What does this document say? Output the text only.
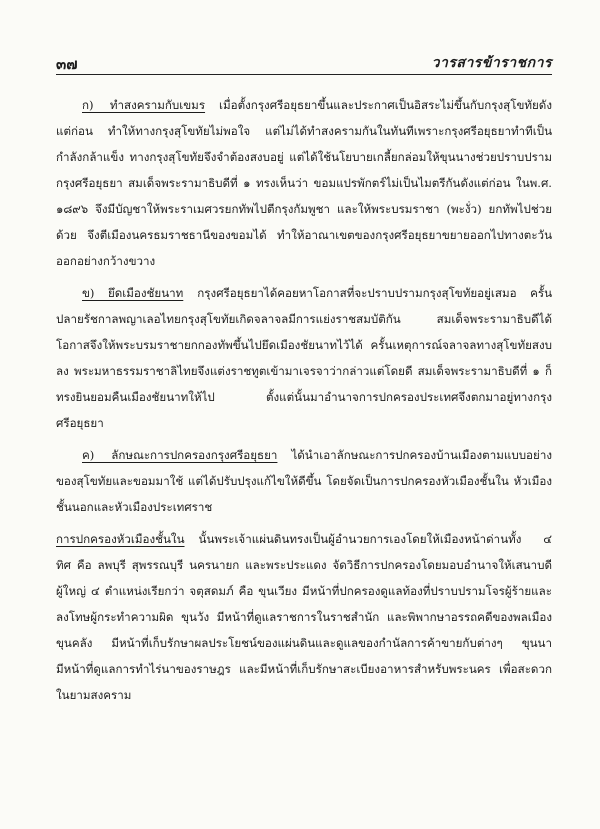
๓๗	วารสารข้าราชการ

ก) ทำสงครามกับเขมร เมื่อตั้งกรุงศรีอยุธยาขึ้นและประกาศเป็นอิสระไม่ขึ้นกับกรุงสุโขทัยดังแต่ก่อน ทำให้ทางกรุงสุโขทัยไม่พอใจ แต่ไม่ได้ทำสงครามกันในทันทีเพราะกรุงศรีอยุธยาทำทีเป็นกำลังกล้าแข็ง ทางกรุงสุโขทัยจึงจำต้องสงบอยู่ แต่ได้ใช้นโยบายเกลี้ยกล่อมให้ขุนนางช่วยปราบปรามกรุงศรีอยุธยา สมเด็จพระรามาธิบดีที่ ๑ ทรงเห็นว่า ขอมแปรพักตร์ไม่เป็นไมตรีกันดังแต่ก่อน ในพ.ศ. ๑๘๙๖ จึงมีบัญชาให้พระราเมศวรยกทัพไปตีกรุงกัมพูชา และให้พระบรมราชา (พะงั่ว) ยกทัพไปช่วยด้วย จึงตีเมืองนครธมราชธานีของขอมได้ ทำให้อาณาเขตของกรุงศรีอยุธยาขยายออกไปทางตะวันออกอย่างกว้างขวาง

ข) ยึดเมืองชัยนาท กรุงศรีอยุธยาได้คอยหาโอกาสที่จะปราบปรามกรุงสุโขทัยอยู่เสมอ ครั้นปลายรัชกาลพญาเลอไทยกรุงสุโขทัยเกิดจลาจลมีการแย่งราชสมบัติกัน สมเด็จพระรามาธิบดีได้โอกาสจึงให้พระบรมราชายกกองทัพขึ้นไปยึดเมืองชัยนาทไว้ได้ ครั้นเหตุการณ์จลาจลทางสุโขทัยสงบลง พระมหาธรรมราชาลิไทยจึงแต่งราชทูตเข้ามาเจรจาว่ากล่าวแต่โดยดี สมเด็จพระรามาธิบดีที่ ๑ ก็ทรงยินยอมคืนเมืองชัยนาทให้ไป ตั้งแต่นั้นมาอำนาจการปกครองประเทศจึงตกมาอยู่ทางกรุงศรีอยุธยา

ค) ลักษณะการปกครองกรุงศรีอยุธยา ได้นำเอาลักษณะการปกครองบ้านเมืองตามแบบอย่างของสุโขทัยและขอมมาใช้ แต่ได้ปรับปรุงแก้ไขให้ดีขึ้น โดยจัดเป็นการปกครองหัวเมืองชั้นใน หัวเมืองชั้นนอกและหัวเมืองประเทศราช

การปกครองหัวเมืองชั้นใน นั้นพระเจ้าแผ่นดินทรงเป็นผู้อำนวยการเองโดยให้เมืองหน้าด่านทั้ง ๔ ทิศ คือ ลพบุรี สุพรรณบุรี นครนายก และพระประแดง จัดวิธีการปกครองโดยมอบอำนาจให้เสนาบดีผู้ใหญ่ ๔ ตำแหน่งเรียกว่า จตุสดมภ์ คือ ขุนเวียง มีหน้าที่ปกครองดูแลท้องที่ปราบปรามโจรผู้ร้ายและลงโทษผู้กระทำความผิด ขุนวัง มีหน้าที่ดูแลราชการในราชสำนัก และพิพากษาอรรถคดีของพลเมือง ขุนคลัง มีหน้าที่เก็บรักษาผลประโยชน์ของแผ่นดินและดูแลของกำนัลการค้าขายกับต่างๆ ขุนนา มีหน้าที่ดูแลการทำไร่นาของราษฎร และมีหน้าที่เก็บรักษาสะเบียงอาหารสำหรับพระนคร เพื่อสะดวกในยามสงคราม
